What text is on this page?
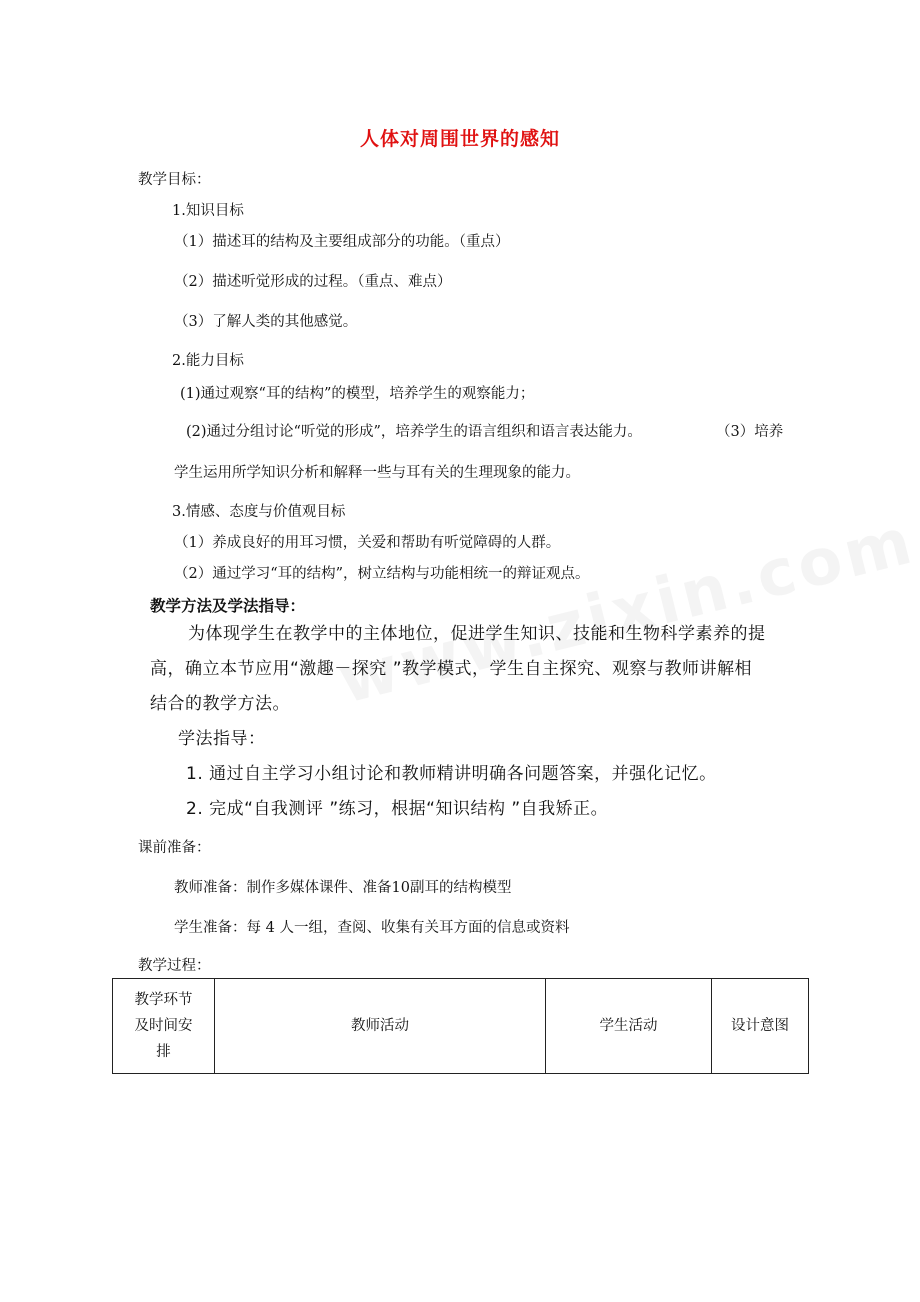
人体对周围世界的感知
教学目标：
1.知识目标
（1）描述耳的结构及主要组成部分的功能。（重点）
（2）描述听觉形成的过程。（重点、难点）
（3）了解人类的其他感觉。
2.能力目标
(1)通过观察“耳的结构”的模型，培养学生的观察能力；
(2)通过分组讨论“听觉的形成”，培养学生的语言组织和语言表达能力。	（3）培养
学生运用所学知识分析和解释一些与耳有关的生理现象的能力。
3.情感、态度与价值观目标
（1）养成良好的用耳习惯，关爱和帮助有听觉障碍的人群。
（2）通过学习“耳的结构”，树立结构与功能相统一的辩证观点。
教学方法及学法指导：
为体现学生在教学中的主体地位，促进学生知识、技能和生物科学素养的提
高，确立本节应用“激趣－探究 ”教学模式，学生自主探究、观察与教师讲解相
结合的教学方法。
学法指导：
1. 通过自主学习小组讨论和教师精讲明确各问题答案，并强化记忆。
2. 完成“自我测评 ”练习，根据“知识结构 ”自我矫正。
课前准备：
教师准备：制作多媒体课件、准备10副耳的结构模型
学生准备：每 4 人一组，查阅、收集有关耳方面的信息或资料
教学过程：
教学环节
及时间安
排
	教师活动	学生活动	设计意图
